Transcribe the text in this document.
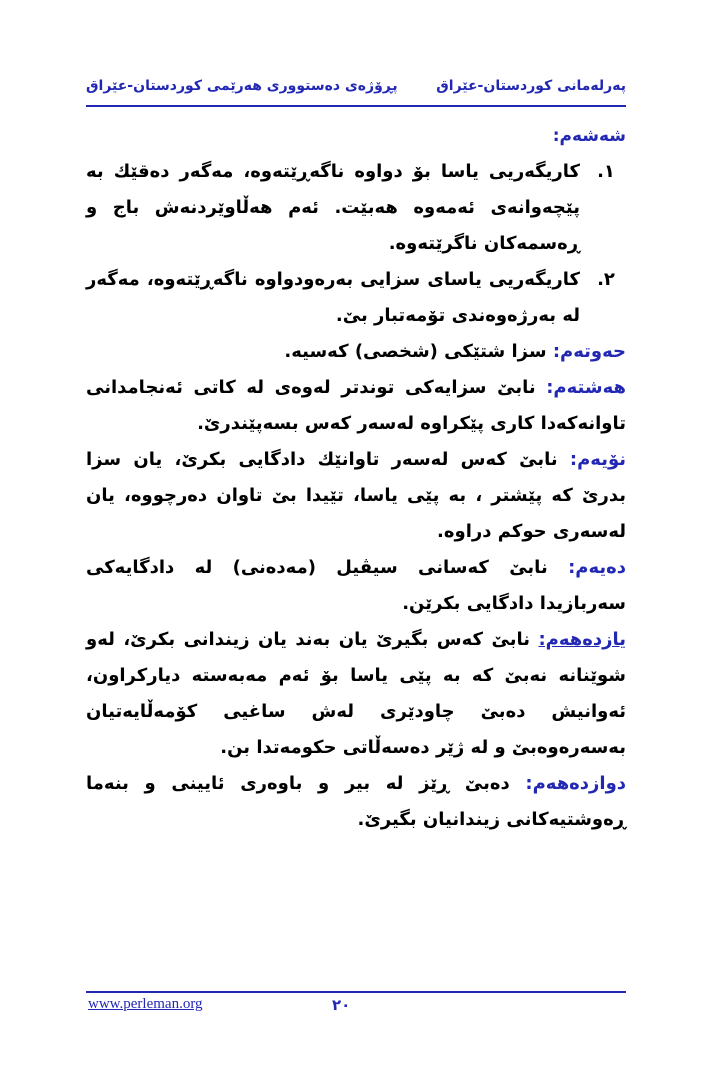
پڕۆژەی دەستووری هەرێمی کوردستان-عێراق	پەرلەمانی کوردستان-عێراق

شەشەم:

١.
کاریگەریی یاسا بۆ دواوە ناگەڕێتەوە، مەگەر دەقێك بە پێچەوانەی ئەمەوە هەبێت. ئەم هەڵاوێردنەش باج و ڕەسمەکان ناگرێتەوە.
٢.
کاریگەریی یاسای سزایی بەرەودواوە ناگەڕێتەوە، مەگەر لە بەرژەوەندی تۆمەتبار بێ.

حەوتەم: سزا شتێکی (شخصی) کەسیە.

هەشتەم: نابێ سزایەکی توندتر لەوەی لە کاتی ئەنجامدانی تاوانەکەدا کاری پێکراوە لەسەر کەس بسەپێندرێ.

نۆیەم: نابێ کەس لەسەر تاوانێك دادگایی بکرێ، یان سزا بدرێ کە پێشتر ، بە پێی یاسا، تێیدا بێ تاوان دەرچووە، یان لەسەری حوکم دراوە.

دەیەم: نابێ کەسانی سیڤیل (مەدەنی) لە دادگایەکی سەربازیدا دادگایی بکرێن.

یازدەهەم: نابێ کەس بگیرێ یان بەند یان زیندانی بکرێ، لەو شوێنانە نەبێ کە بە پێی یاسا بۆ ئەم مەبەستە دیارکراون، ئەوانیش دەبێ چاودێری لەش ساغیی کۆمەڵایەتیان بەسەرەوەبێ و لە ژێر دەسەڵاتی حکومەتدا بن.

دوازدەهەم: دەبێ ڕێز لە بیر و باوەری ئایینی و بنەما ڕەوشتیەکانی زیندانیان بگیرێ.

www.perleman.org	٢٠
